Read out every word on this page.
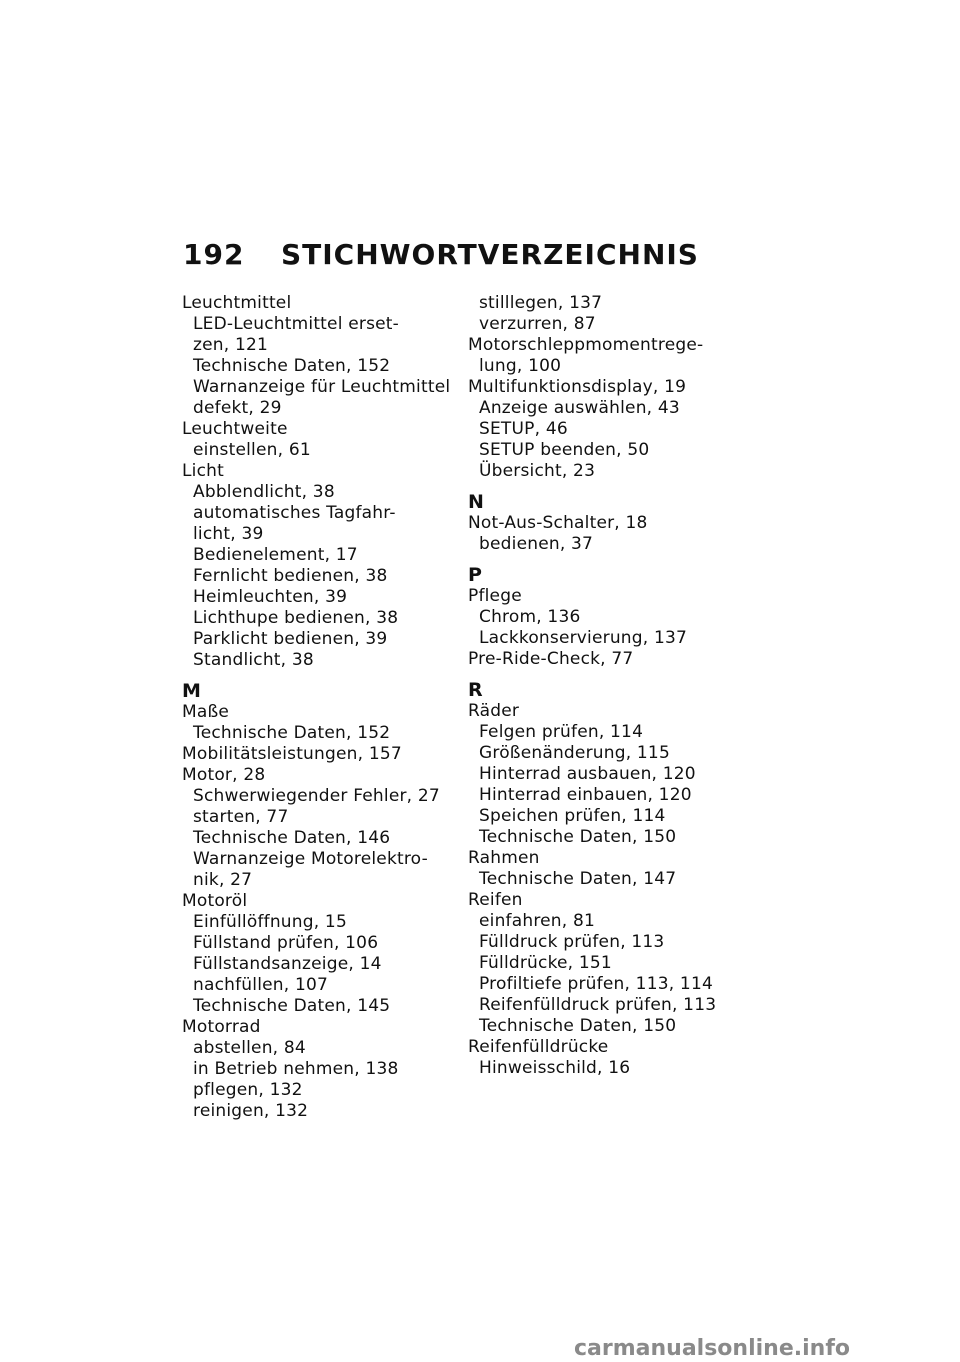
192 STICHWORTVERZEICHNIS
Leuchtmittel
LED-Leuchtmittel erset-
zen, 121
Technische Daten, 152
Warnanzeige für Leuchtmittel
defekt, 29
Leuchtweite
einstellen, 61
Licht
Abblendlicht, 38
automatisches Tagfahr-
licht, 39
Bedienelement, 17
Fernlicht bedienen, 38
Heimleuchten, 39
Lichthupe bedienen, 38
Parklicht bedienen, 39
Standlicht, 38
M
Maße
Technische Daten, 152
Mobilitätsleistungen, 157
Motor, 28
Schwerwiegender Fehler, 27
starten, 77
Technische Daten, 146
Warnanzeige Motorelektro-
nik, 27
Motoröl
Einfüllöffnung, 15
Füllstand prüfen, 106
Füllstandsanzeige, 14
nachfüllen, 107
Technische Daten, 145
Motorrad
abstellen, 84
in Betrieb nehmen, 138
pflegen, 132
reinigen, 132
stilllegen, 137
verzurren, 87
Motorschleppmomentrege-
lung, 100
Multifunktionsdisplay, 19
Anzeige auswählen, 43
SETUP, 46
SETUP beenden, 50
Übersicht, 23
N
Not-Aus-Schalter, 18
bedienen, 37
P
Pflege
Chrom, 136
Lackkonservierung, 137
Pre-Ride-Check, 77
R
Räder
Felgen prüfen, 114
Größenänderung, 115
Hinterrad ausbauen, 120
Hinterrad einbauen, 120
Speichen prüfen, 114
Technische Daten, 150
Rahmen
Technische Daten, 147
Reifen
einfahren, 81
Fülldruck prüfen, 113
Fülldrücke, 151
Profiltiefe prüfen, 113, 114
Reifenfülldruck prüfen, 113
Technische Daten, 150
Reifenfülldrücke
Hinweisschild, 16
carmanualsonline.info
